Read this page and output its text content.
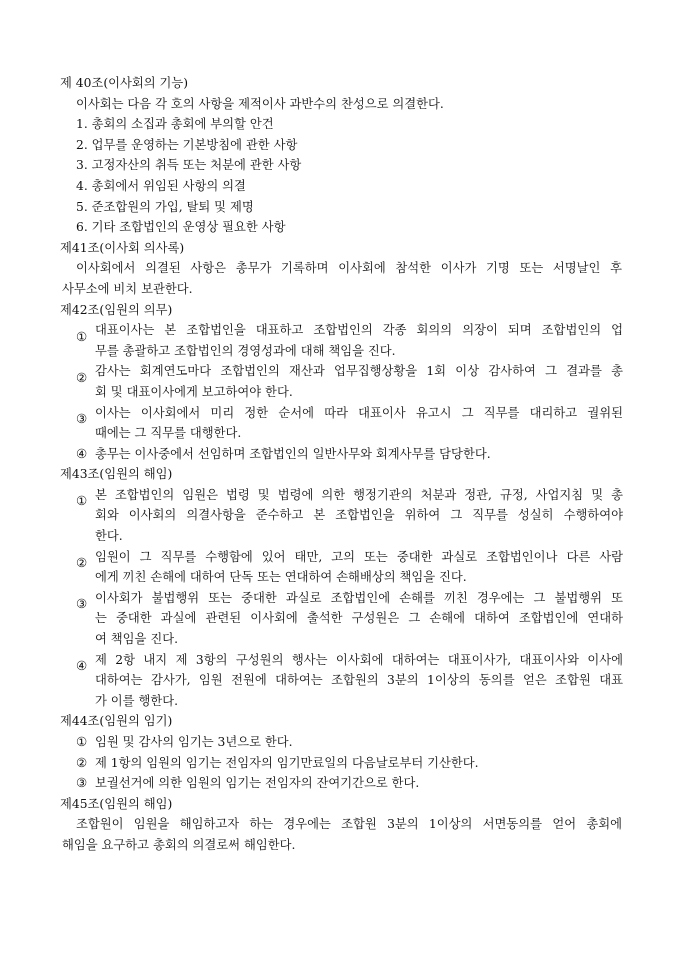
제 40조(이사회의 기능)
이사회는 다음 각 호의 사항을 제적이사 과반수의 찬성으로 의결한다.
1. 총회의 소집과 총회에 부의할 안건
2. 업무를 운영하는 기본방침에 관한 사항
3. 고정자산의 취득 또는 처분에 관한 사항
4. 총회에서 위임된 사항의 의결
5. 준조합원의 가입, 탈퇴 및 제명
6. 기타 조합법인의 운영상 필요한 사항
제41조(이사회 의사록)
이사회에서 의결된 사항은 총무가 기록하며 이사회에 참석한 이사가 기명 또는 서명날인 후
사무소에 비치 보관한다.
제42조(임원의 의무)
① 대표이사는 본 조합법인을 대표하고 조합법인의 각종 회의의 의장이 되며 조합법인의 업
무를 총괄하고 조합법인의 경영성과에 대해 책임을 진다.
② 감사는 회계연도마다 조합법인의 재산과 업무집행상황을 1회 이상 감사하여 그 결과를 총
회 및 대표이사에게 보고하여야 한다.
③ 이사는 이사회에서 미리 정한 순서에 따라 대표이사 유고시 그 직무를 대리하고 궐위된
때에는 그 직무를 대행한다.
④ 총무는 이사중에서 선임하며 조합법인의 일반사무와 회계사무를 담당한다.
제43조(임원의 해임)
① 본 조합법인의 임원은 법령 및 법령에 의한 행정기관의 처분과 정관, 규정, 사업지침 및 총
회와 이사회의 의결사항을 준수하고 본 조합법인을 위하여 그 직무를 성실히 수행하여야
한다.
② 임원이 그 직무를 수행함에 있어 태만, 고의 또는 중대한 과실로 조합법인이나 다른 사람
에게 끼친 손해에 대하여 단독 또는 연대하여 손해배상의 책임을 진다.
③ 이사회가 불법행위 또는 중대한 과실로 조합법인에 손해를 끼친 경우에는 그 불법행위 또
는 중대한 과실에 관련된 이사회에 출석한 구성원은 그 손해에 대하여 조합법인에 연대하
여 책임을 진다.
④ 제 2항 내지 제 3항의 구성원의 행사는 이사회에 대하여는 대표이사가, 대표이사와 이사에
대하여는 감사가, 임원 전원에 대하여는 조합원의 3분의 1이상의 동의를 얻은 조합원 대표
가 이를 행한다.
제44조(임원의 임기)
① 임원 및 감사의 임기는 3년으로 한다.
② 제 1항의 임원의 임기는 전임자의 임기만료일의 다음날로부터 기산한다.
③ 보궐선거에 의한 임원의 임기는 전임자의 잔여기간으로 한다.
제45조(임원의 해임)
조합원이 임원을 해임하고자 하는 경우에는 조합원 3분의 1이상의 서면동의를 얻어 총회에
해임을 요구하고 총회의 의결로써 해임한다.
